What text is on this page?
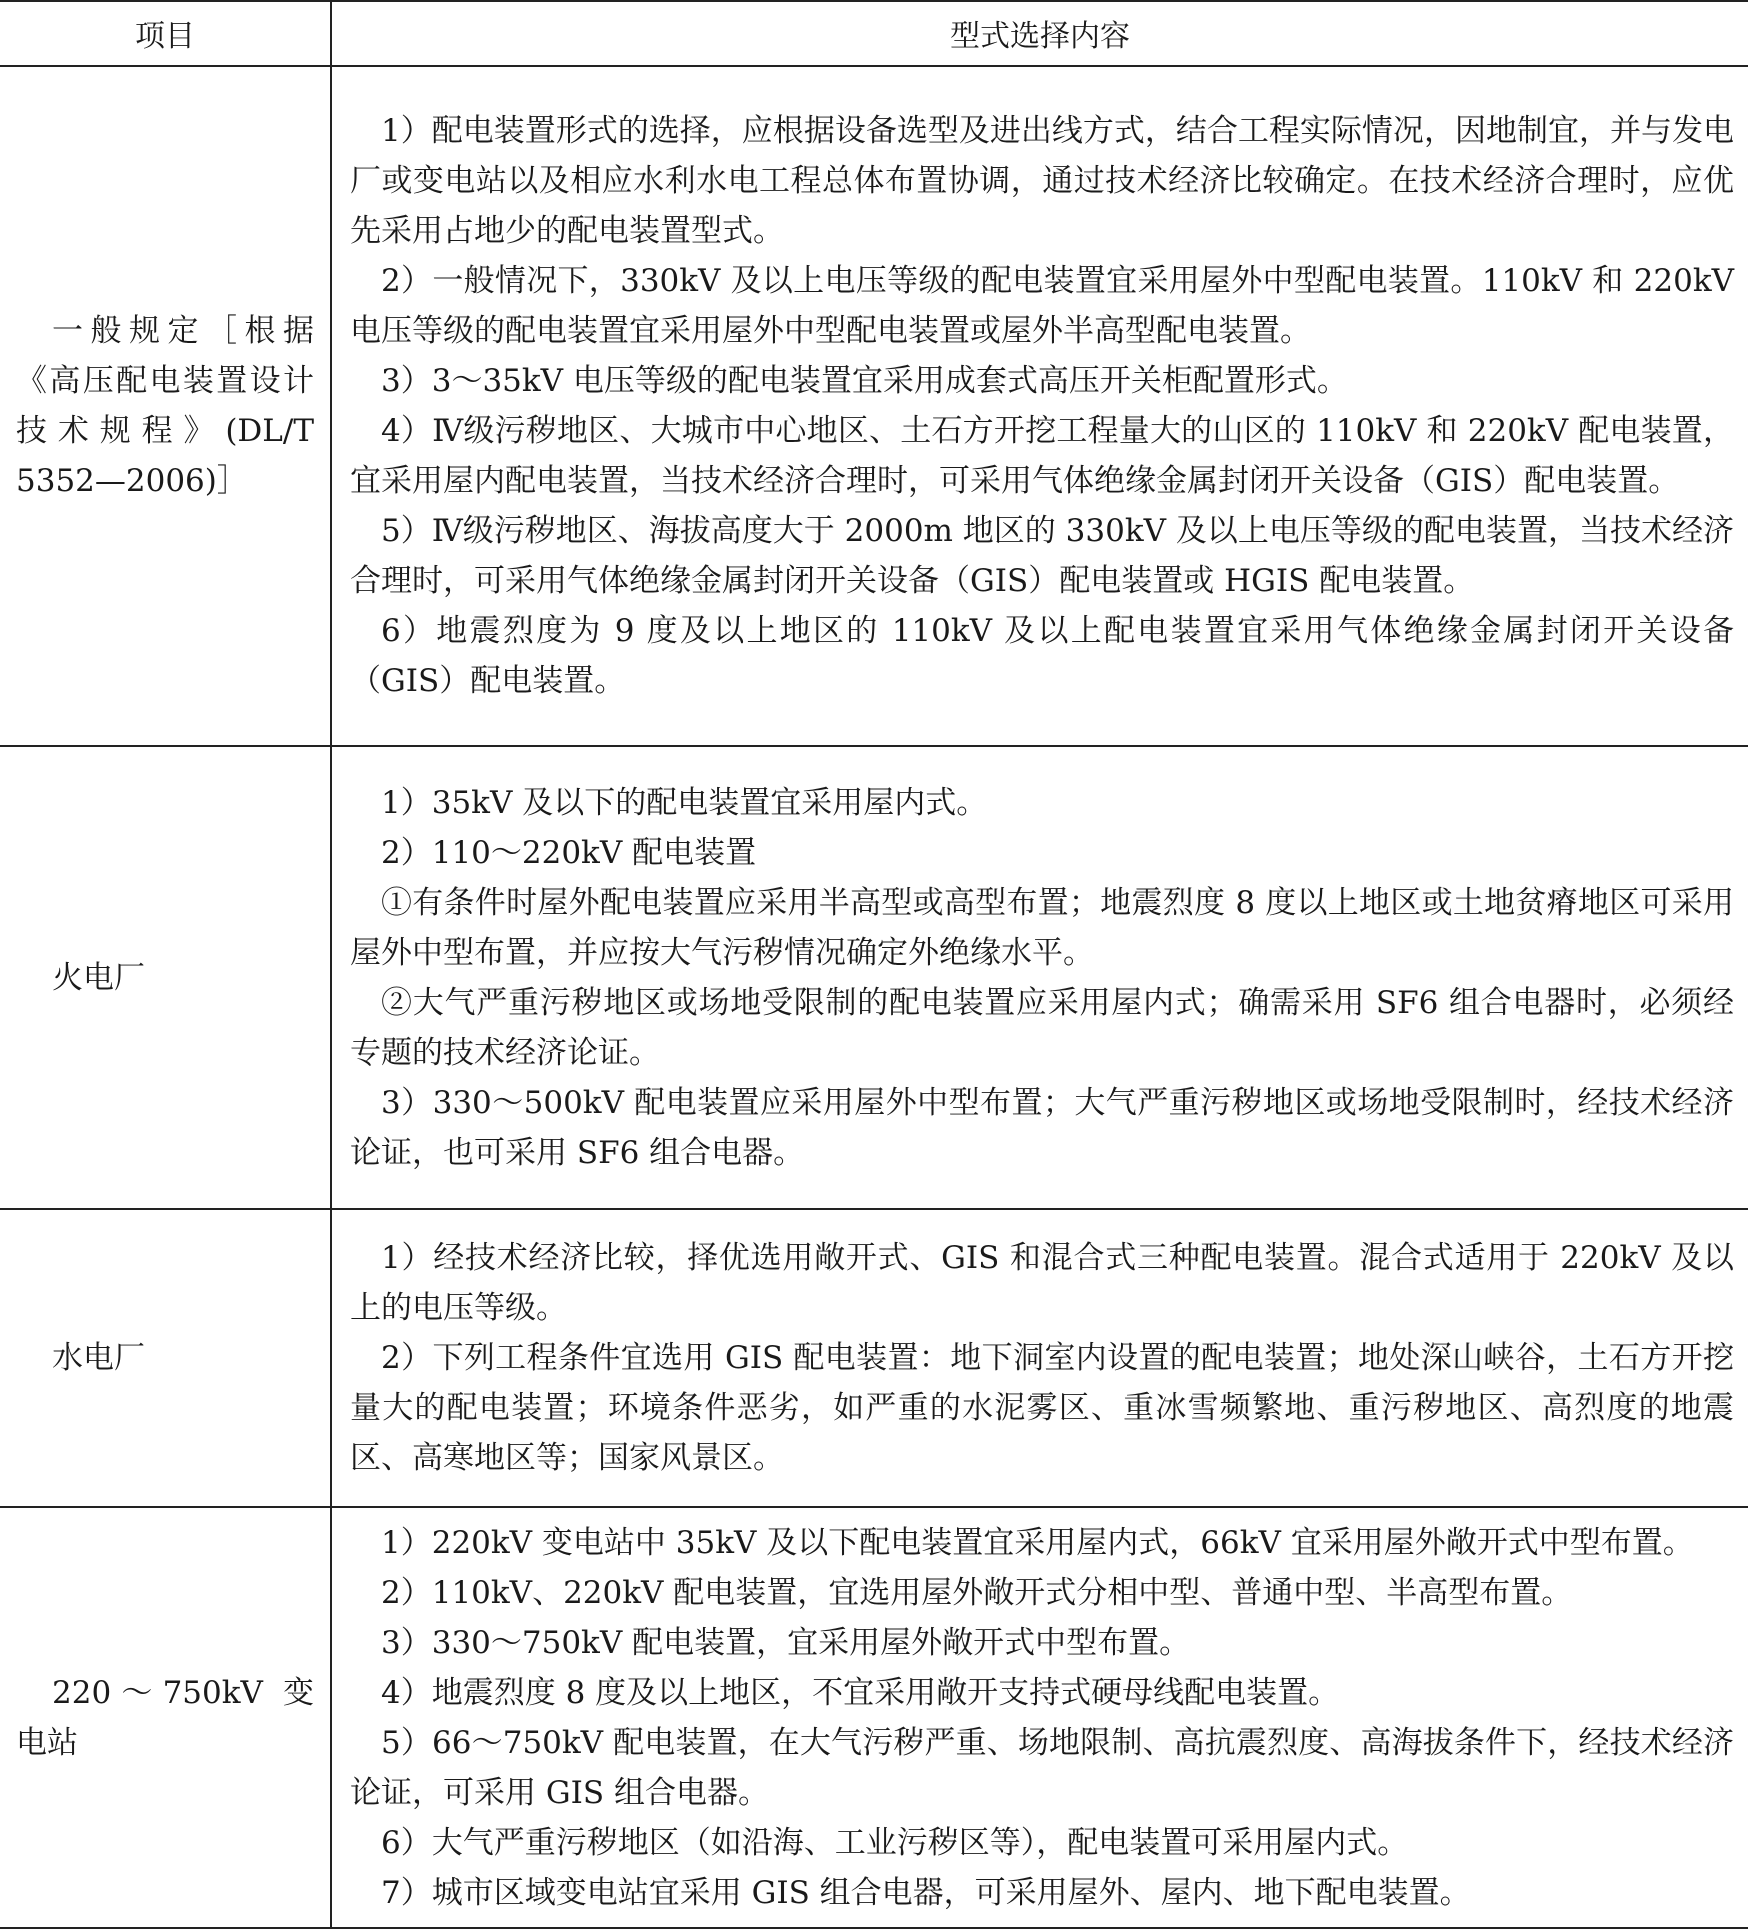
项目	型式选择内容
一般规定［根据《高压配电装置设计技术规程》(DL/T 5352—2006)］

1）配电装置形式的选择，应根据设备选型及进出线方式，结合工程实际情况，因地制宜，并与发电厂或变电站以及相应水利水电工程总体布置协调，通过技术经济比较确定。在技术经济合理时，应优先采用占地少的配电装置型式。

2）一般情况下，330kV 及以上电压等级的配电装置宜采用屋外中型配电装置。110kV 和 220kV 电压等级的配电装置宜采用屋外中型配电装置或屋外半高型配电装置。

3）3～35kV 电压等级的配电装置宜采用成套式高压开关柜配置形式。

4）Ⅳ级污秽地区、大城市中心地区、土石方开挖工程量大的山区的 110kV 和 220kV 配电装置，宜采用屋内配电装置，当技术经济合理时，可采用气体绝缘金属封闭开关设备（GIS）配电装置。

5）Ⅳ级污秽地区、海拔高度大于 2000m 地区的 330kV 及以上电压等级的配电装置，当技术经济合理时，可采用气体绝缘金属封闭开关设备（GIS）配电装置或 HGIS 配电装置。

6）地震烈度为 9 度及以上地区的 110kV 及以上配电装置宜采用气体绝缘金属封闭开关设备（GIS）配电装置。

火电厂

1）35kV 及以下的配电装置宜采用屋内式。

2）110～220kV 配电装置

①有条件时屋外配电装置应采用半高型或高型布置；地震烈度 8 度以上地区或土地贫瘠地区可采用屋外中型布置，并应按大气污秽情况确定外绝缘水平。

②大气严重污秽地区或场地受限制的配电装置应采用屋内式；确需采用 SF6 组合电器时，必须经专题的技术经济论证。

3）330～500kV 配电装置应采用屋外中型布置；大气严重污秽地区或场地受限制时，经技术经济论证，也可采用 SF6 组合电器。

水电厂

1）经技术经济比较，择优选用敞开式、GIS 和混合式三种配电装置。混合式适用于 220kV 及以上的电压等级。

2）下列工程条件宜选用 GIS 配电装置：地下洞室内设置的配电装置；地处深山峡谷，土石方开挖量大的配电装置；环境条件恶劣，如严重的水泥雾区、重冰雪频繁地、重污秽地区、高烈度的地震区、高寒地区等；国家风景区。

220～750kV 变电站

1）220kV 变电站中 35kV 及以下配电装置宜采用屋内式，66kV 宜采用屋外敞开式中型布置。

2）110kV、220kV 配电装置，宜选用屋外敞开式分相中型、普通中型、半高型布置。

3）330～750kV 配电装置，宜采用屋外敞开式中型布置。

4）地震烈度 8 度及以上地区，不宜采用敞开支持式硬母线配电装置。

5）66～750kV 配电装置，在大气污秽严重、场地限制、高抗震烈度、高海拔条件下，经技术经济论证，可采用 GIS 组合电器。

6）大气严重污秽地区（如沿海、工业污秽区等），配电装置可采用屋内式。

7）城市区域变电站宜采用 GIS 组合电器，可采用屋外、屋内、地下配电装置。
